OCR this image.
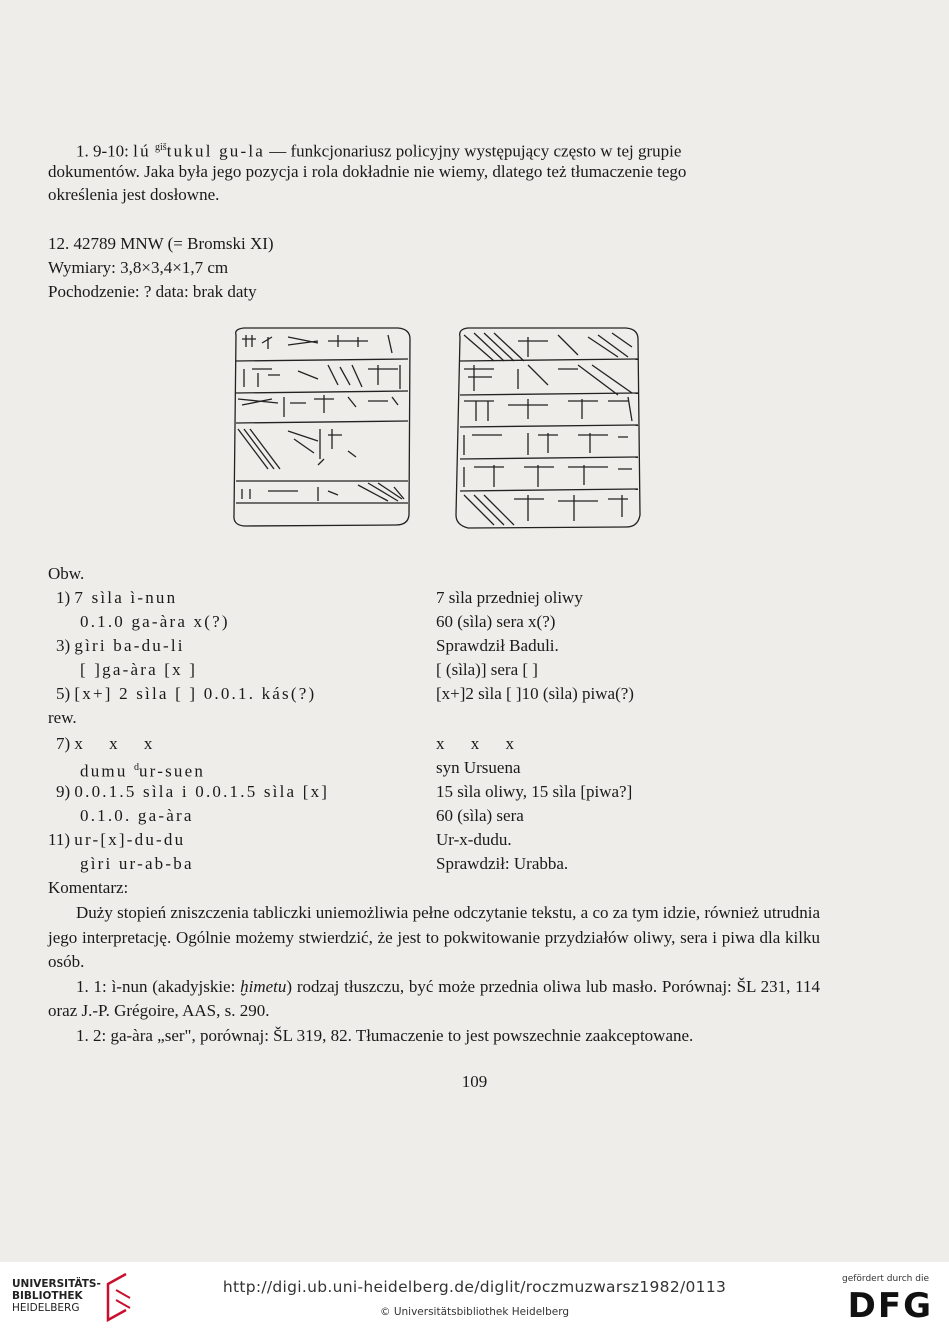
1. 9-10: lú $^{giš}$tukul gu-la — funkcjonariusz policyjny występujący często w tej grupie
dokumentów. Jaka była jego pozycja i rola dokładnie nie wiemy, dlatego też tłumaczenie tego
określenia jest dosłowne.
12. 42789 MNW (= Bromski XI)
Wymiary: 3,8×3,4×1,7 cm
Pochodzenie: ? data: brak daty
Obw.
1) 7 sìla ì-nun	7 sìla przedniej oliwy
0.1.0 ga-àra x(?)	60 (sìla) sera x(?)
3) gìri ba-du-li	Sprawdził Baduli.
[ ]ga-àra [x ]	[ (sìla)] sera [ ]
5) [x+] 2 sìla [ ] 0.0.1. kás(?)	[x+]2 sìla [ ]10 (sìla) piwa(?)
rew.
7) x x x	x x x
dumu $^d$ur-suen	syn Ursuena
9) 0.0.1.5 sìla i 0.0.1.5 sìla [x]	15 sìla oliwy, 15 sìla [piwa?]
0.1.0. ga-àra	60 (sìla) sera
11) ur-[x]-du-du	Ur-x-dudu.
gìri ur-ab-ba	Sprawdził: Urabba.
Komentarz:

Duży stopień zniszczenia tabliczki uniemożliwia pełne odczytanie tekstu, a co za tym idzie, również utrudnia jego interpretację. Ogólnie możemy stwierdzić, że jest to pokwitowanie przydziałów oliwy, sera i piwa dla kilku osób.

1. 1: ì-nun (akadyjskie: ḫimetu) rodzaj tłuszczu, być może przednia oliwa lub masło. Porównaj: ŠL 231, 114 oraz J.-P. Grégoire, AAS, s. 290.

1. 2: ga-àra „ser", porównaj: ŠL 319, 82. Tłumaczenie to jest powszechnie zaakceptowane.

109
UNIVERSITÄTS-
BIBLIOTHEK
HEIDELBERG
http://digi.ub.uni-heidelberg.de/diglit/roczmuzwarsz1982/0113
© Universitätsbibliothek Heidelberg
gefördert durch die
DFG
